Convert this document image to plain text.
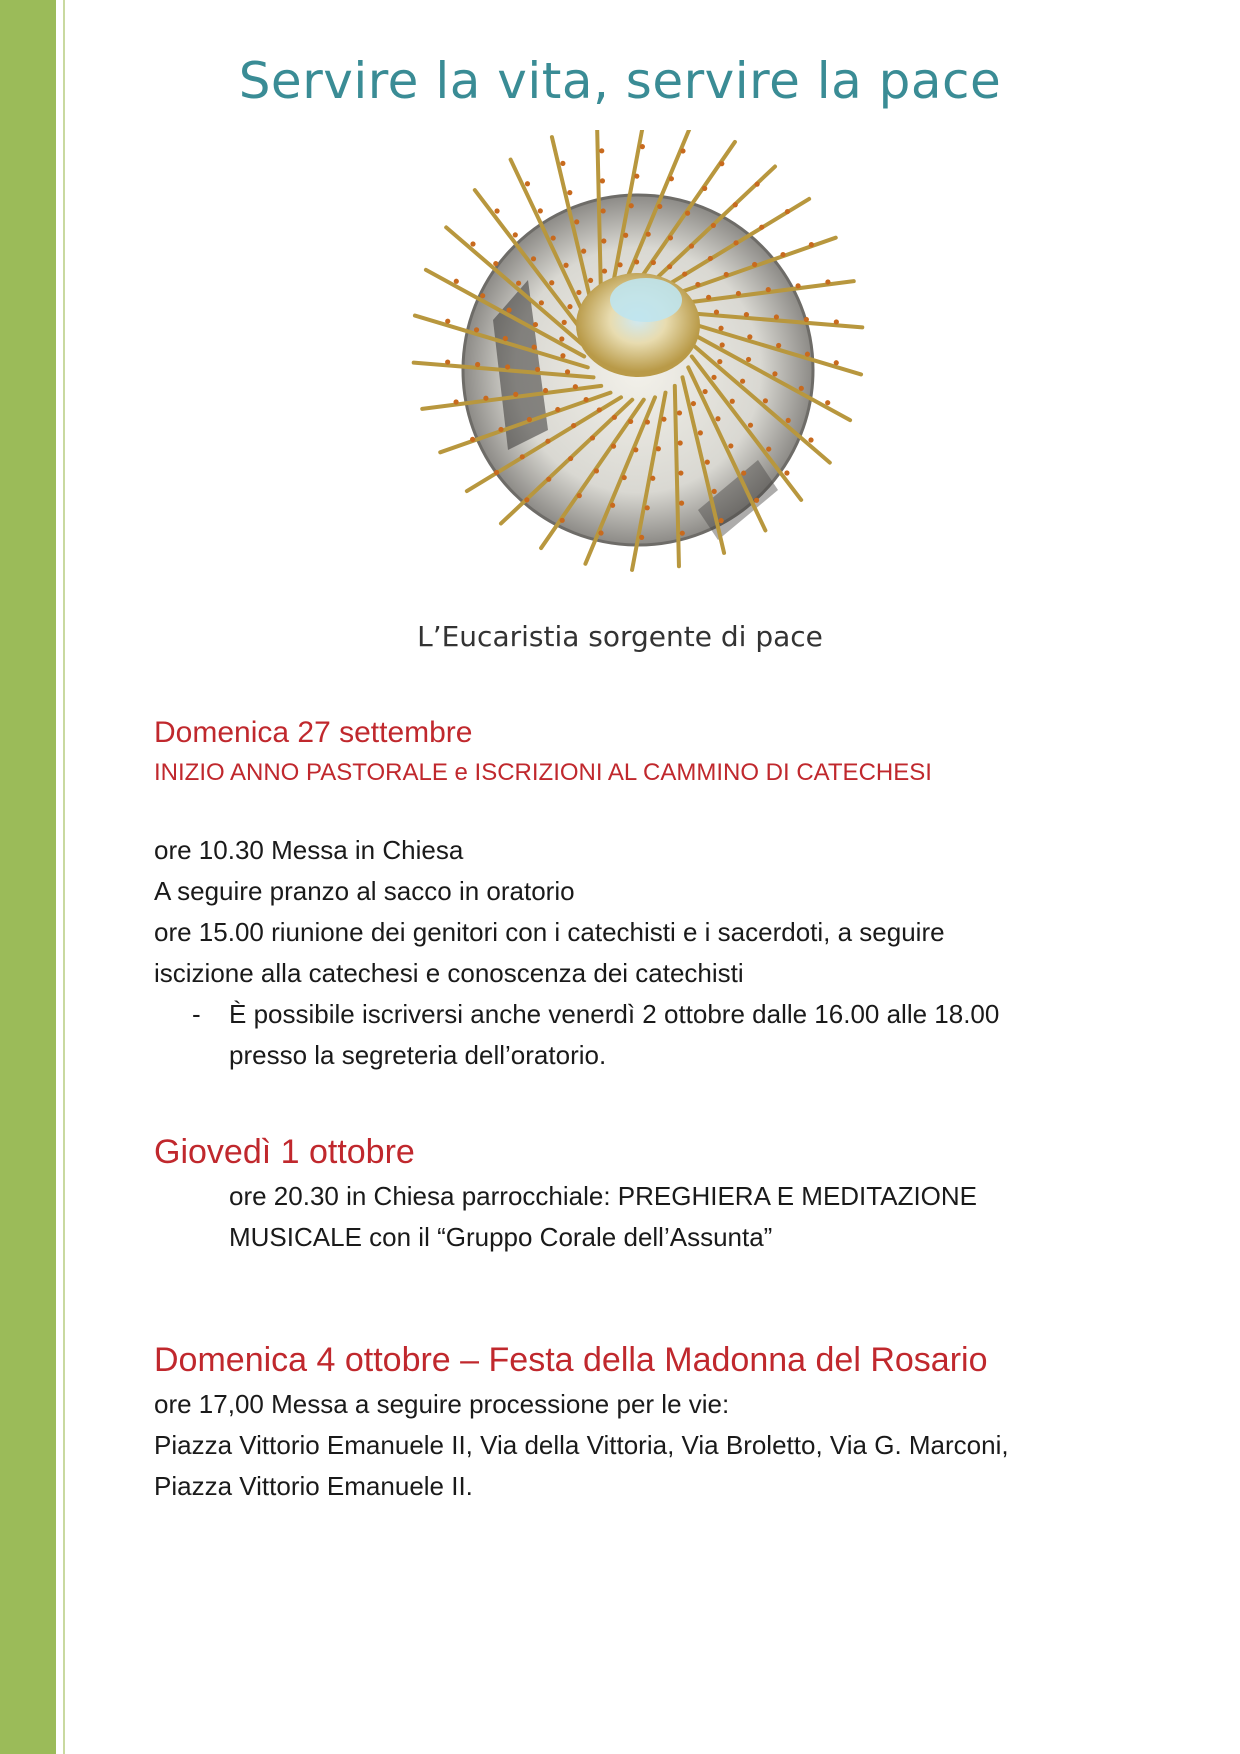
Servire la vita, servire la pace
L’Eucaristia sorgente di pace
Domenica 27 settembre
INIZIO ANNO PASTORALE e ISCRIZIONI AL CAMMINO DI CATECHESI
ore 10.30 Messa in Chiesa
A seguire pranzo al sacco in oratorio
ore 15.00 riunione dei genitori con i catechisti e i sacerdoti, a seguire
iscizione alla catechesi e conoscenza dei catechisti
- È possibile iscriversi anche venerdì 2 ottobre dalle 16.00 alle 18.00
presso la segreteria dell’oratorio.
Giovedì 1 ottobre
ore 20.30 in Chiesa parrocchiale: PREGHIERA E MEDITAZIONE
MUSICALE con il “Gruppo Corale dell’Assunta”
Domenica 4 ottobre – Festa della Madonna del Rosario
ore 17,00 Messa a seguire processione per le vie:
Piazza Vittorio Emanuele II, Via della Vittoria, Via Broletto, Via G. Marconi,
Piazza Vittorio Emanuele II.
